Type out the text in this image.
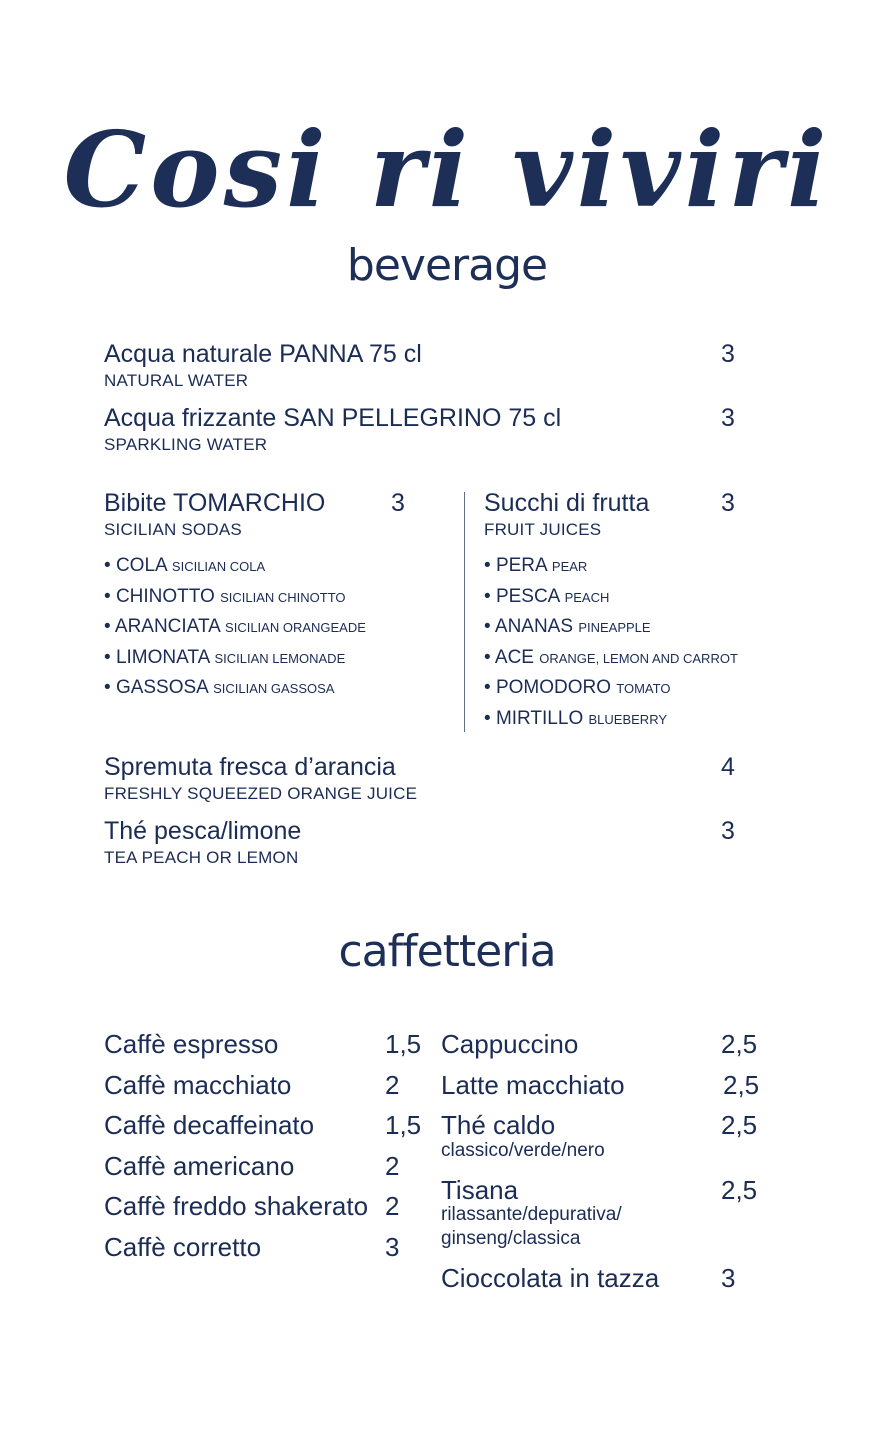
Cosi ri viviri
beverage
Acqua naturale PANNA 75 cl
NATURAL WATER
3
Acqua frizzante SAN PELLEGRINO 75 cl
SPARKLING WATER
3
Bibite TOMARCHIO
SICILIAN SODAS
3
• COLA SICILIAN COLA
• CHINOTTO SICILIAN CHINOTTO
• ARANCIATA SICILIAN ORANGEADE
• LIMONATA SICILIAN LEMONADE
• GASSOSA SICILIAN GASSOSA
Succhi di frutta
FRUIT JUICES
3
• PERA PEAR
• PESCA PEACH
• ANANAS PINEAPPLE
• ACE ORANGE, LEMON AND CARROT
• POMODORO TOMATO
• MIRTILLO BLUEBERRY
Spremuta fresca d’arancia
FRESHLY SQUEEZED ORANGE JUICE
4
Thé pesca/limone
TEA PEACH OR LEMON
3
caffetteria
Caffè espresso	1,5
Caffè macchiato	2
Caffè decaffeinato	1,5
Caffè americano	2
Caffè freddo shakerato 2
Caffè corretto	3
Cappuccino	2,5
Latte macchiato	2,5
Thé caldo
classico/verde/nero
2,5
Tisana
rilassante/depurativa/
ginseng/classica
2,5
Cioccolata in tazza 3
